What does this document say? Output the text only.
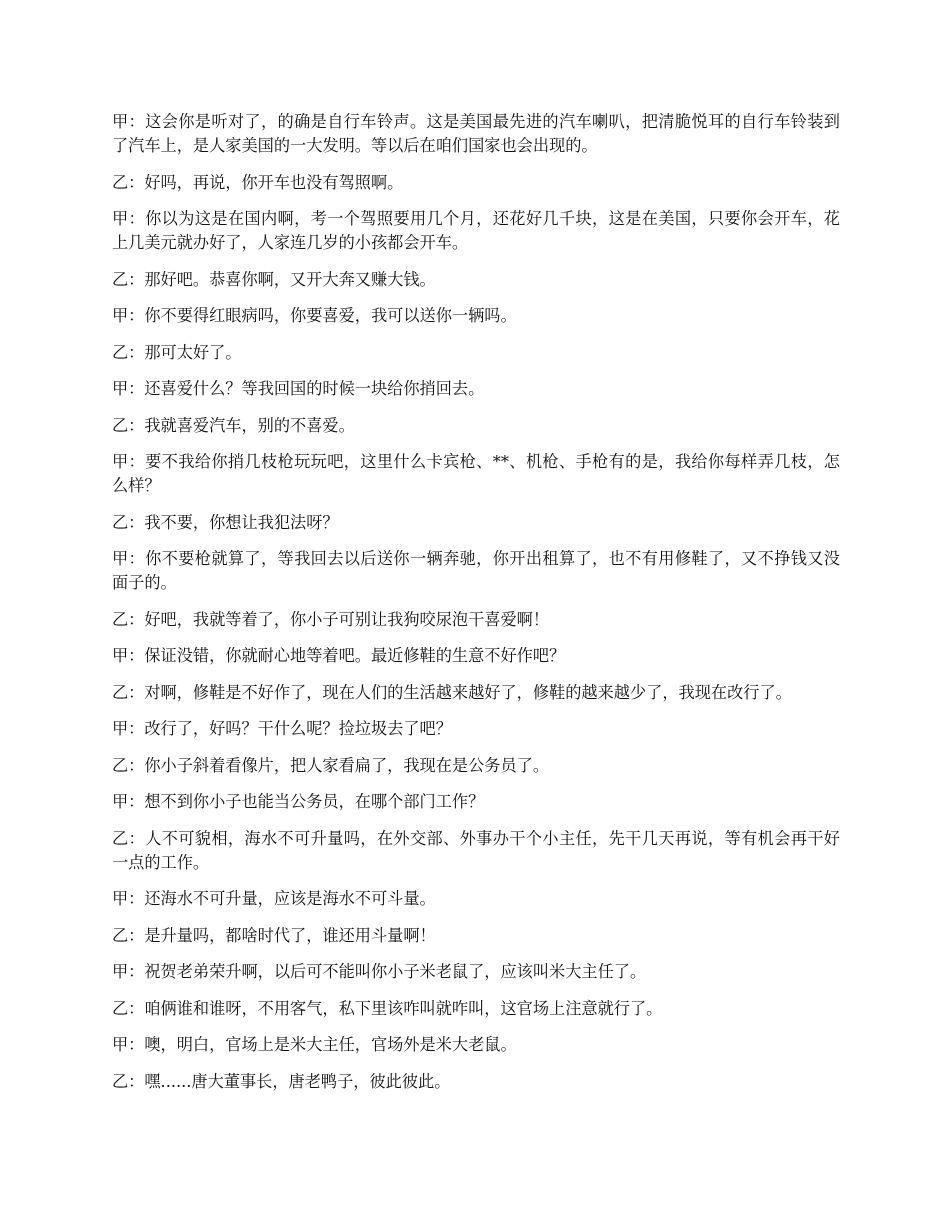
甲：这会你是听对了，的确是自行车铃声。这是美国最先进的汽车喇叭，把清脆悦耳的自行车铃装到了汽车上，是人家美国的一大发明。等以后在咱们国家也会出现的。

乙：好吗，再说，你开车也没有驾照啊。

甲：你以为这是在国内啊，考一个驾照要用几个月，还花好几千块，这是在美国，只要你会开车，花上几美元就办好了，人家连几岁的小孩都会开车。

乙：那好吧。恭喜你啊，又开大奔又赚大钱。

甲：你不要得红眼病吗，你要喜爱，我可以送你一辆吗。

乙：那可太好了。

甲：还喜爱什么？等我回国的时候一块给你捎回去。

乙：我就喜爱汽车，别的不喜爱。

甲：要不我给你捎几枝枪玩玩吧，这里什么卡宾枪、**、机枪、手枪有的是，我给你每样弄几枝，怎么样？

乙：我不要，你想让我犯法呀？

甲：你不要枪就算了，等我回去以后送你一辆奔驰，你开出租算了，也不有用修鞋了，又不挣钱又没面子的。

乙：好吧，我就等着了，你小子可别让我狗咬尿泡干喜爱啊！

甲：保证没错，你就耐心地等着吧。最近修鞋的生意不好作吧？

乙：对啊，修鞋是不好作了，现在人们的生活越来越好了，修鞋的越来越少了，我现在改行了。

甲：改行了，好吗？干什么呢？捡垃圾去了吧？

乙：你小子斜着看像片，把人家看扁了，我现在是公务员了。

甲：想不到你小子也能当公务员，在哪个部门工作？

乙：人不可貌相，海水不可升量吗，在外交部、外事办干个小主任，先干几天再说，等有机会再干好一点的工作。

甲：还海水不可升量，应该是海水不可斗量。

乙：是升量吗，都啥时代了，谁还用斗量啊！

甲：祝贺老弟荣升啊，以后可不能叫你小子米老鼠了，应该叫米大主任了。

乙：咱俩谁和谁呀，不用客气，私下里该咋叫就咋叫，这官场上注意就行了。

甲：噢，明白，官场上是米大主任，官场外是米大老鼠。

乙：嘿......唐大董事长，唐老鸭子，彼此彼此。
